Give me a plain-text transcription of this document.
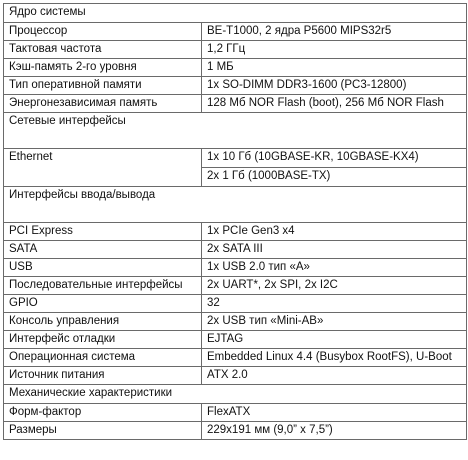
Ядро системы	
Процессор	BE-T1000, 2 ядра P5600 MIPS32r5
Тактовая частота	1,2 ГГц
Кэш-память 2-го уровня	1 МБ
Тип оперативной памяти	1x SO-DIMM DDR3-1600 (PC3-12800)
Энергонезависимая память	128 Мб NOR Flash (boot), 256 Мб NOR Flash
Сетевые интерфейсы	
Ethernet	1x 10 Гб (10GBASE-KR, 10GBASE-KX4)
	2x 1 Гб (1000BASE-TX)
Интерфейсы ввода/вывода	
PCI Express	1x PCIe Gen3 x4
SATA	2x SATA III
USB	1x USB 2.0 тип «A»
Последовательные интерфейсы	2x UART*, 2x SPI, 2x I2C
GPIO	32
Консоль управления	2x USB тип «Mini-AB»
Интерфейс отладки	EJTAG
Операционная система	Embedded Linux 4.4 (Busybox RootFS), U-Boot
Источник питания	ATX 2.0
Механические характеристики	
Форм-фактор	FlexATX
Размеры	229x191 мм (9,0” x 7,5”)
